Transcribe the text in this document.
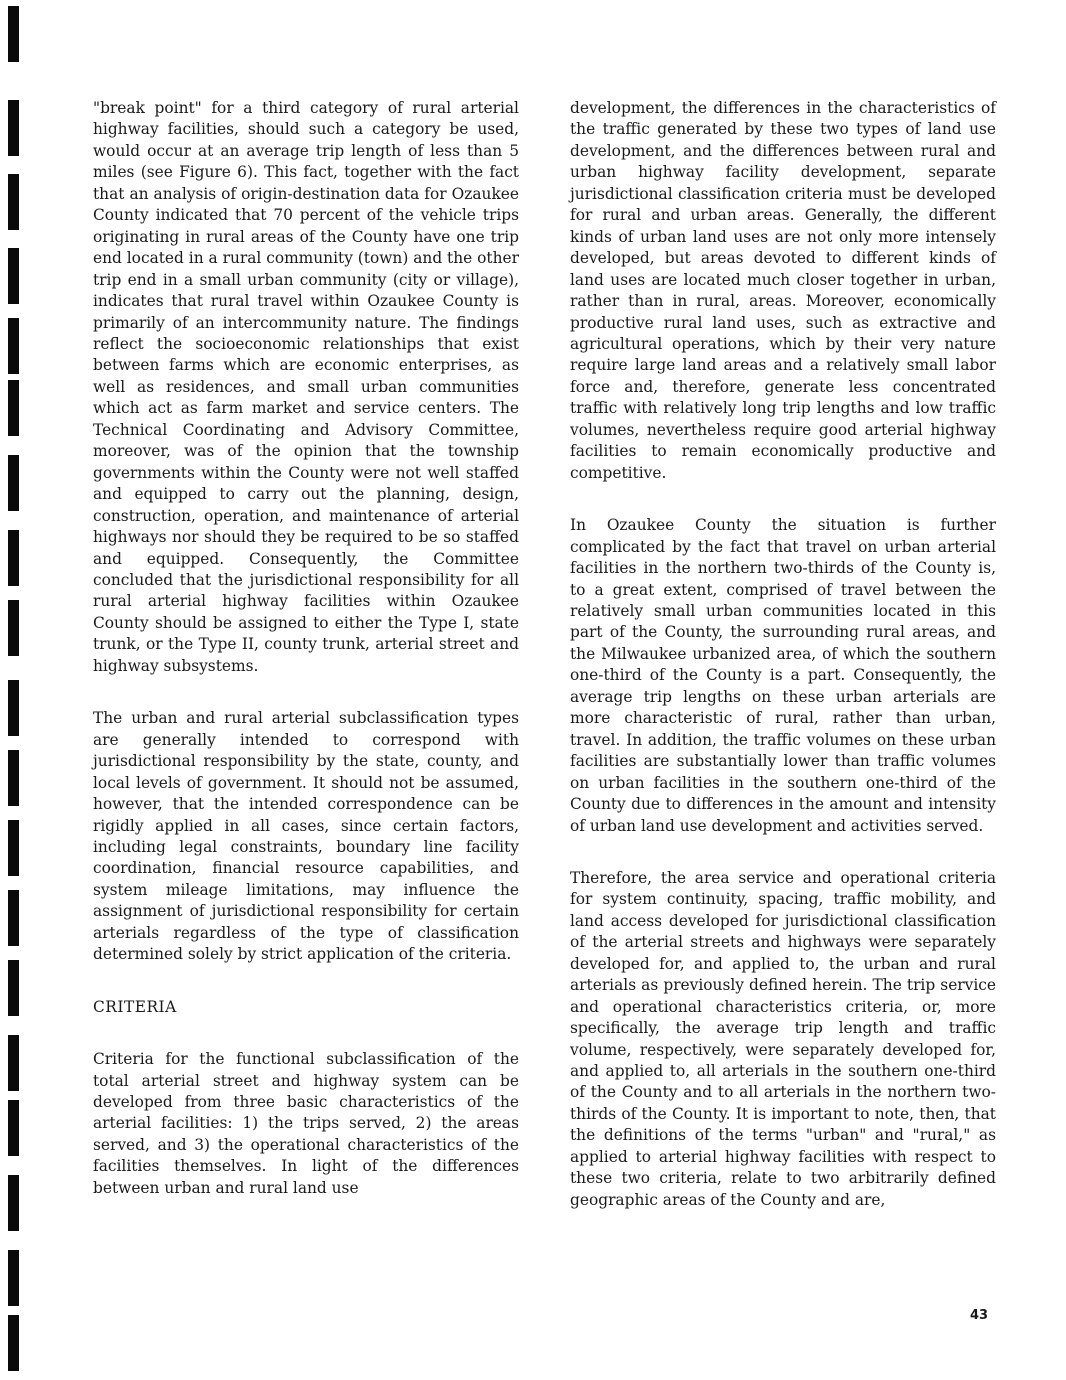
"break point" for a third category of rural arterial highway facilities, should such a category be used, would occur at an average trip length of less than 5 miles (see Figure 6). This fact, together with the fact that an analysis of origin-destination data for Ozaukee County indicated that 70 percent of the vehicle trips originating in rural areas of the County have one trip end located in a rural community (town) and the other trip end in a small urban community (city or village), indicates that rural travel within Ozaukee County is primarily of an intercommunity nature. The findings reflect the socioeconomic relationships that exist between farms which are economic enterprises, as well as residences, and small urban communities which act as farm market and service centers. The Technical Coordinating and Advisory Committee, moreover, was of the opinion that the township governments within the County were not well staffed and equipped to carry out the planning, design, construction, operation, and maintenance of arterial highways nor should they be required to be so staffed and equipped. Consequently, the Committee concluded that the jurisdictional responsibility for all rural arterial highway facilities within Ozaukee County should be assigned to either the Type I, state trunk, or the Type II, county trunk, arterial street and highway subsystems.

The urban and rural arterial subclassification types are generally intended to correspond with jurisdictional responsibility by the state, county, and local levels of government. It should not be assumed, however, that the intended correspondence can be rigidly applied in all cases, since certain factors, including legal constraints, boundary line facility coordination, financial resource capabilities, and system mileage limitations, may influence the assignment of jurisdictional responsibility for certain arterials regardless of the type of classification determined solely by strict application of the criteria.

CRITERIA

Criteria for the functional subclassification of the total arterial street and highway system can be developed from three basic characteristics of the arterial facilities: 1) the trips served, 2) the areas served, and 3) the operational characteristics of the facilities themselves. In light of the differences between urban and rural land use

development, the differences in the characteristics of the traffic generated by these two types of land use development, and the differences between rural and urban highway facility development, separate jurisdictional classification criteria must be developed for rural and urban areas. Generally, the different kinds of urban land uses are not only more intensely developed, but areas devoted to different kinds of land uses are located much closer together in urban, rather than in rural, areas. Moreover, economically productive rural land uses, such as extractive and agricultural operations, which by their very nature require large land areas and a relatively small labor force and, therefore, generate less concentrated traffic with relatively long trip lengths and low traffic volumes, nevertheless require good arterial highway facilities to remain economically productive and competitive.

In Ozaukee County the situation is further complicated by the fact that travel on urban arterial facilities in the northern two-thirds of the County is, to a great extent, comprised of travel between the relatively small urban communities located in this part of the County, the surrounding rural areas, and the Milwaukee urbanized area, of which the southern one-third of the County is a part. Consequently, the average trip lengths on these urban arterials are more characteristic of rural, rather than urban, travel. In addition, the traffic volumes on these urban facilities are substantially lower than traffic volumes on urban facilities in the southern one-third of the County due to differences in the amount and intensity of urban land use development and activities served.

Therefore, the area service and operational criteria for system continuity, spacing, traffic mobility, and land access developed for jurisdictional classification of the arterial streets and highways were separately developed for, and applied to, the urban and rural arterials as previously defined herein. The trip service and operational characteristics criteria, or, more specifically, the average trip length and traffic volume, respectively, were separately developed for, and applied to, all arterials in the southern one-third of the County and to all arterials in the northern two-thirds of the County. It is important to note, then, that the definitions of the terms "urban" and "rural," as applied to arterial highway facilities with respect to these two criteria, relate to two arbitrarily defined geographic areas of the County and are,

43
